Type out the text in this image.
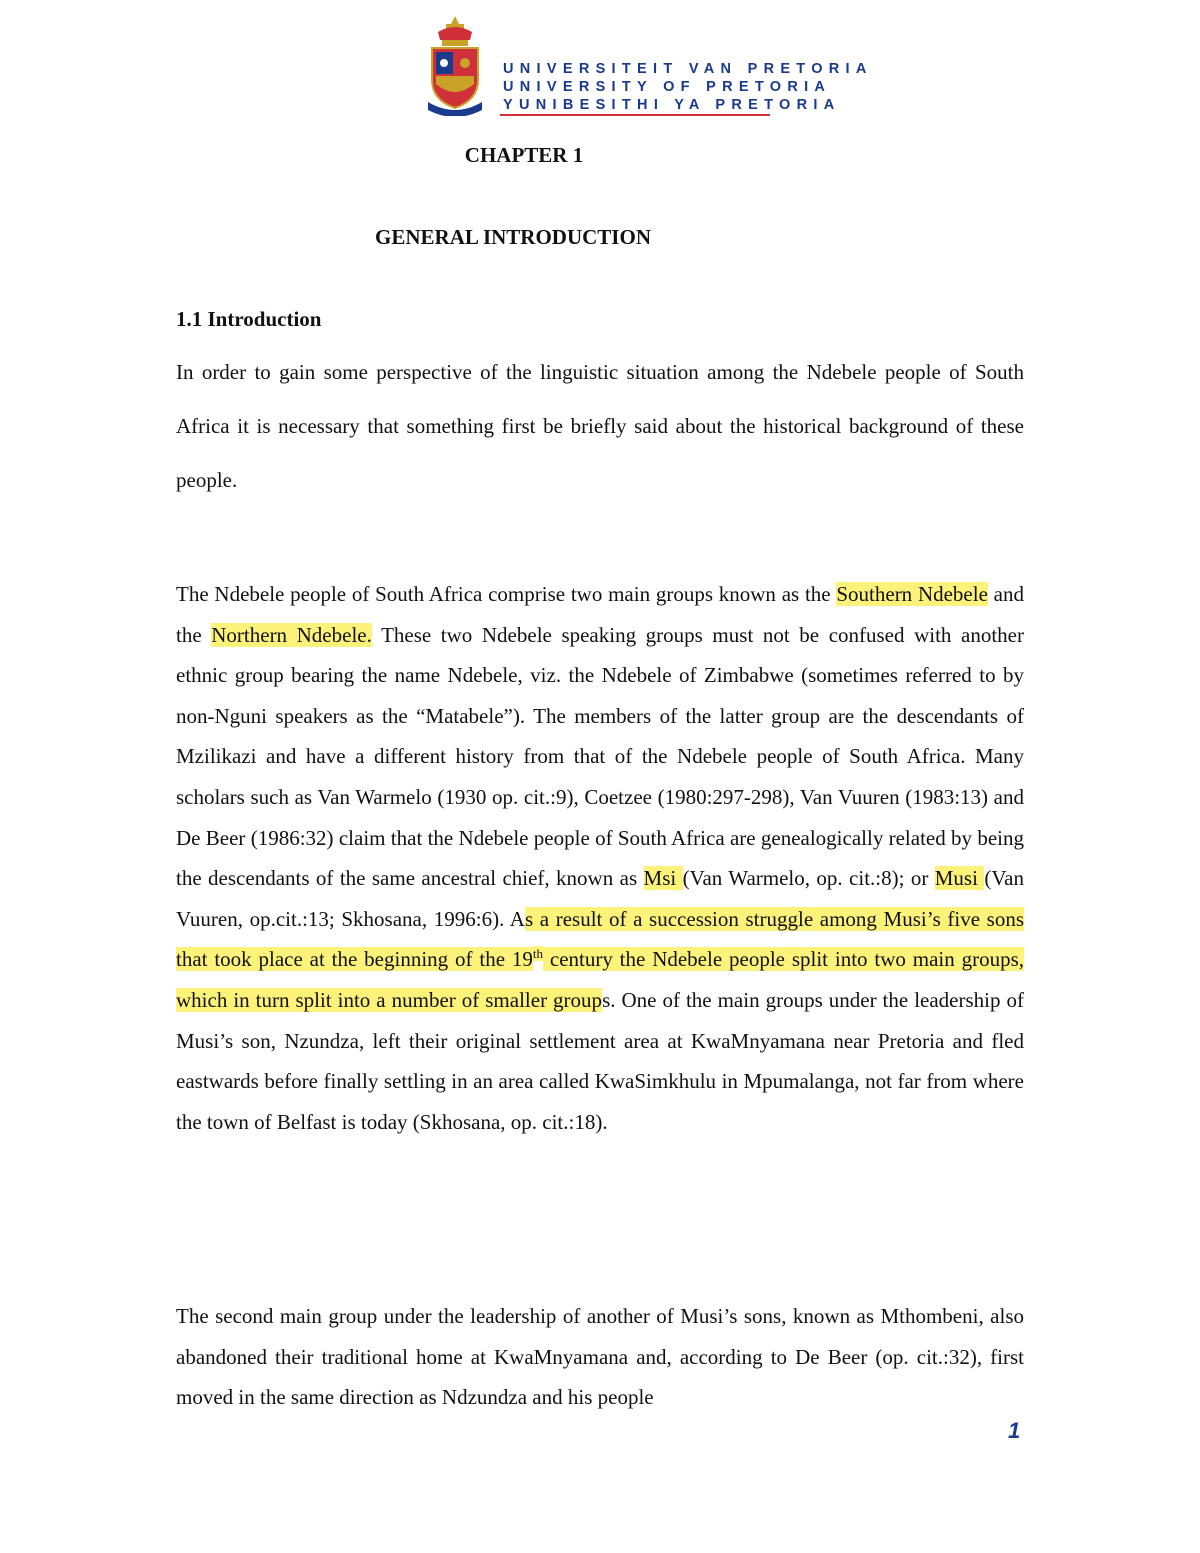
UNIVERSITEIT VAN PRETORIA
UNIVERSITY OF PRETORIA
YUNIBESITHI YA PRETORIA
CHAPTER 1
GENERAL INTRODUCTION
1.1 Introduction

In order to gain some perspective of the linguistic situation among the Ndebele people of South Africa it is necessary that something first be briefly said about the historical background of these people.

The Ndebele people of South Africa comprise two main groups known as the Southern Ndebele and the Northern Ndebele. These two Ndebele speaking groups must not be confused with another ethnic group bearing the name Ndebele, viz. the Ndebele of Zimbabwe (sometimes referred to by non-Nguni speakers as the “Matabele”). The members of the latter group are the descendants of Mzilikazi and have a different history from that of the Ndebele people of South Africa. Many scholars such as Van Warmelo (1930 op. cit.:9), Coetzee (1980:297-298), Van Vuuren (1983:13) and De Beer (1986:32) claim that the Ndebele people of South Africa are genealogically related by being the descendants of the same ancestral chief, known as Msi (Van Warmelo, op. cit.:8); or Musi (Van Vuuren, op.cit.:13; Skhosana, 1996:6). As a result of a succession struggle among Musi’s five sons that took place at the beginning of the 19th century the Ndebele people split into two main groups, which in turn split into a number of smaller groups. One of the main groups under the leadership of Musi’s son, Nzundza, left their original settlement area at KwaMnyamana near Pretoria and fled eastwards before finally settling in an area called KwaSimkhulu in Mpumalanga, not far from where the town of Belfast is today (Skhosana, op. cit.:18).

The second main group under the leadership of another of Musi’s sons, known as Mthombeni, also abandoned their traditional home at KwaMnyamana and, according to De Beer (op. cit.:32), first moved in the same direction as Ndzundza and his people

1
